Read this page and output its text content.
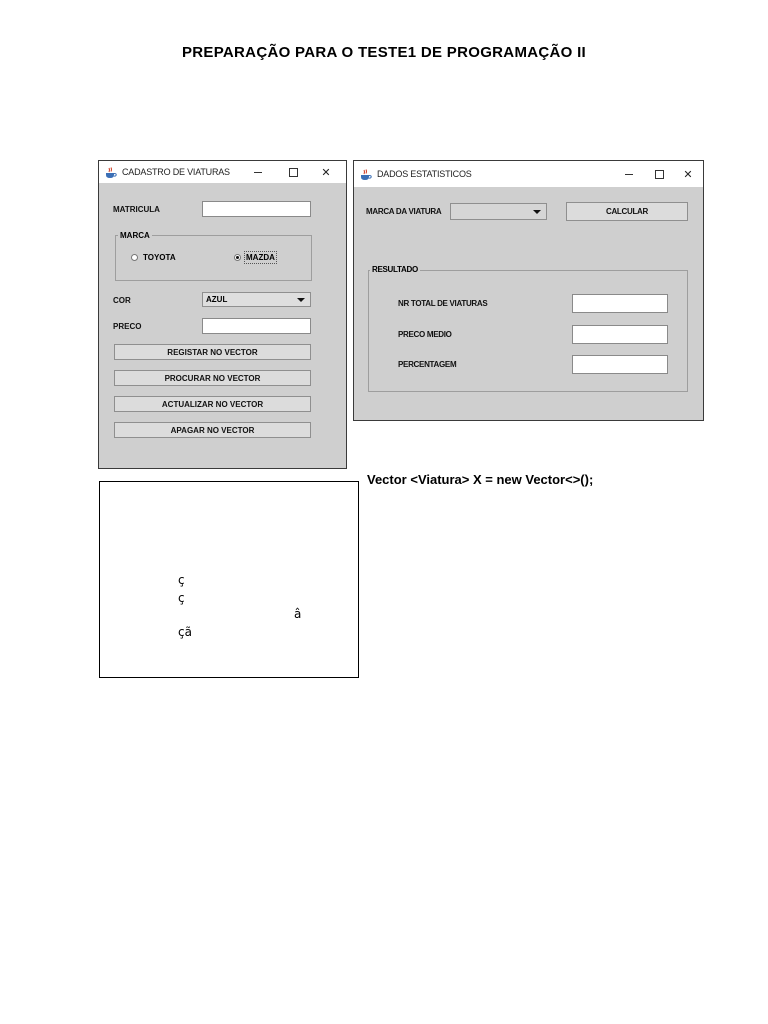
PREPARAÇÃO PARA O TESTE1 DE PROGRAMAÇÃO II
CADASTRO DE VIATURAS	✕
MATRICULA
MARCA
TOYOTA	MAZDA
COR	AZUL
PRECO
REGISTAR NO VECTOR
PROCURAR NO VECTOR
ACTUALIZAR NO VECTOR
APAGAR NO VECTOR
DADOS ESTATISTICOS	✕
MARCA DA VIATURA	CALCULAR
RESULTADO
NR TOTAL DE VIATURAS
PRECO MEDIO
PERCENTAGEM
Vector <Viatura> X = new Vector<>();
ç
ç
â
çã
